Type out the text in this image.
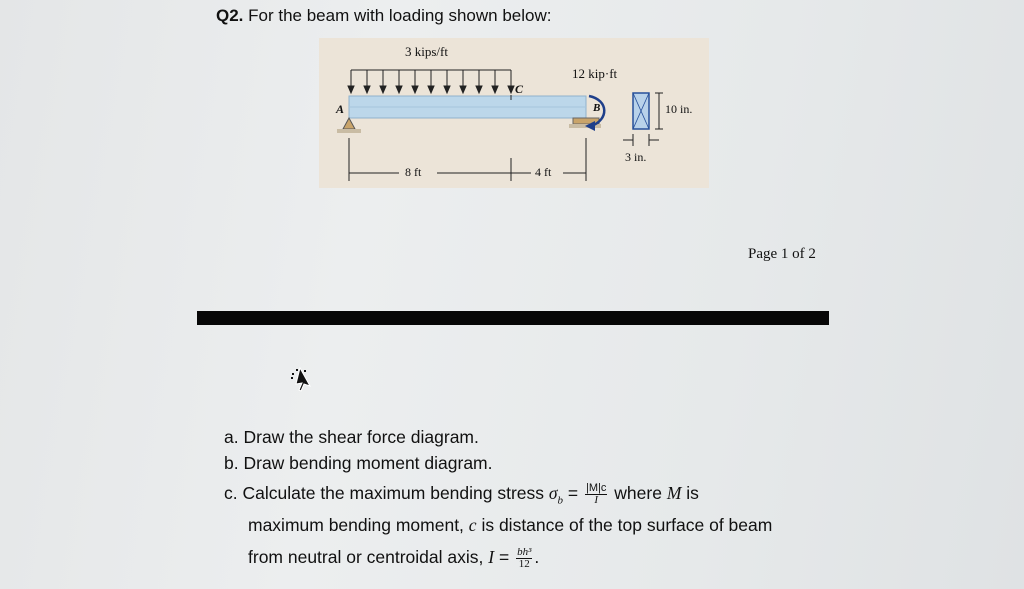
Q2. For the beam with loading shown below:
3 kips/ft
12 kip·ft
A	B
C
8 ft	4 ft
10 in.
3 in.
Page 1 of 2
a. Draw the shear force diagram.
b. Draw bending moment diagram.
c. Calculate the maximum bending stress $\sigma_b = \frac{|M|c}{I}$ where M is
maximum bending moment, c is distance of the top surface of beam
from neutral or centroidal axis, $I = \frac{\text{bh³}}{12}$ .
